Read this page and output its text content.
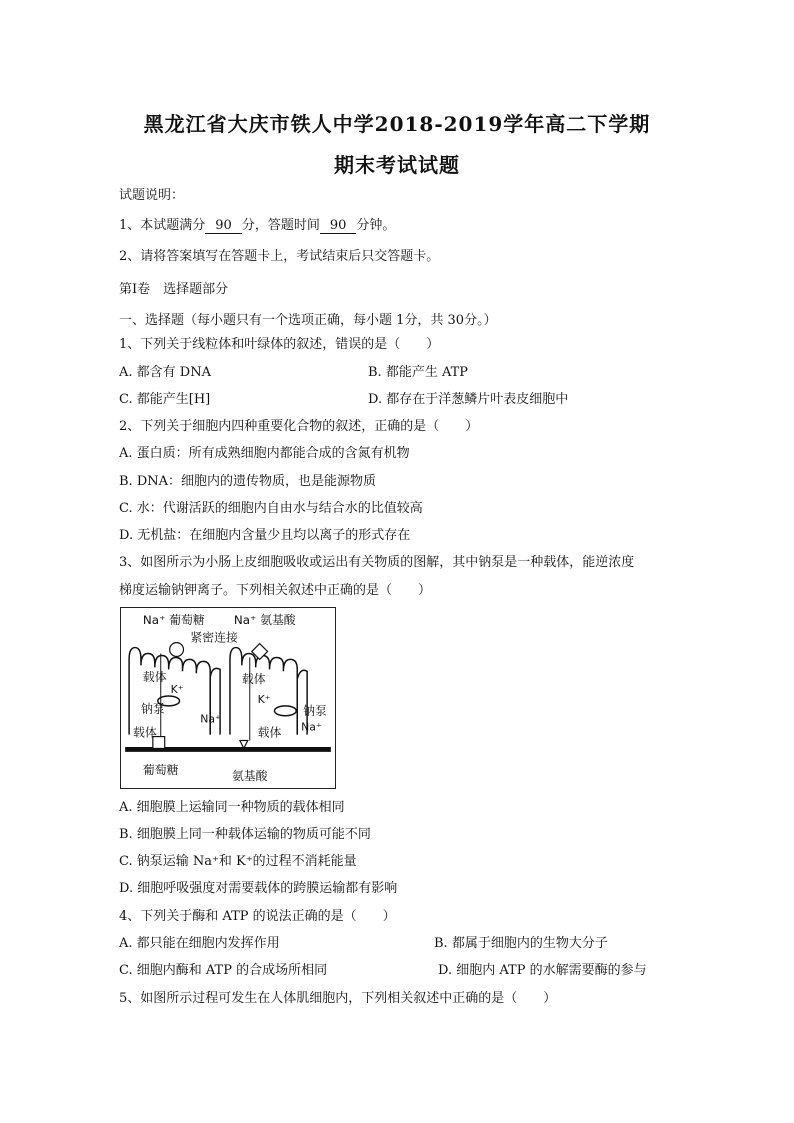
黑龙江省大庆市铁人中学2018-2019学年高二下学期
期末考试试题
试题说明：
1、本试题满分 90 分，答题时间 90 分钟。
2、请将答案填写在答题卡上，考试结束后只交答题卡。
第Ⅰ卷　选择题部分
一、选择题（每小题只有一个选项正确，每小题 1分，共 30分。）
1、下列关于线粒体和叶绿体的叙述，错误的是（　　）
A. 都含有 DNA	B. 都能产生 ATP
C. 都能产生[H]	D. 都存在于洋葱鳞片叶表皮细胞中
2、下列关于细胞内四种重要化合物的叙述，正确的是（　　）
A. 蛋白质：所有成熟细胞内都能合成的含氮有机物
B. DNA：细胞内的遗传物质，也是能源物质
C. 水：代谢活跃的细胞内自由水与结合水的比值较高
D. 无机盐：在细胞内含量少且均以离子的形式存在
3、如图所示为小肠上皮细胞吸收或运出有关物质的图解，其中钠泵是一种载体，能逆浓度
梯度运输钠钾离子。下列相关叙述中正确的是（　　）
Na⁺ 葡萄糖 Na⁺ 氨基酸
紧密连接
载体	载体
K⁺
K⁺
钠泵	钠泵
Na⁺
Na⁺
载体	载体
葡萄糖	氨基酸
A. 细胞膜上运输同一种物质的载体相同
B. 细胞膜上同一种载体运输的物质可能不同
C. 钠泵运输 Na⁺和 K⁺的过程不消耗能量
D. 细胞呼吸强度对需要载体的跨膜运输都有影响
4、下列关于酶和 ATP 的说法正确的是（　　）
A. 都只能在细胞内发挥作用	B. 都属于细胞内的生物大分子
C. 细胞内酶和 ATP 的合成场所相同	D. 细胞内 ATP 的水解需要酶的参与
5、如图所示过程可发生在人体肌细胞内，下列相关叙述中正确的是（　　）
